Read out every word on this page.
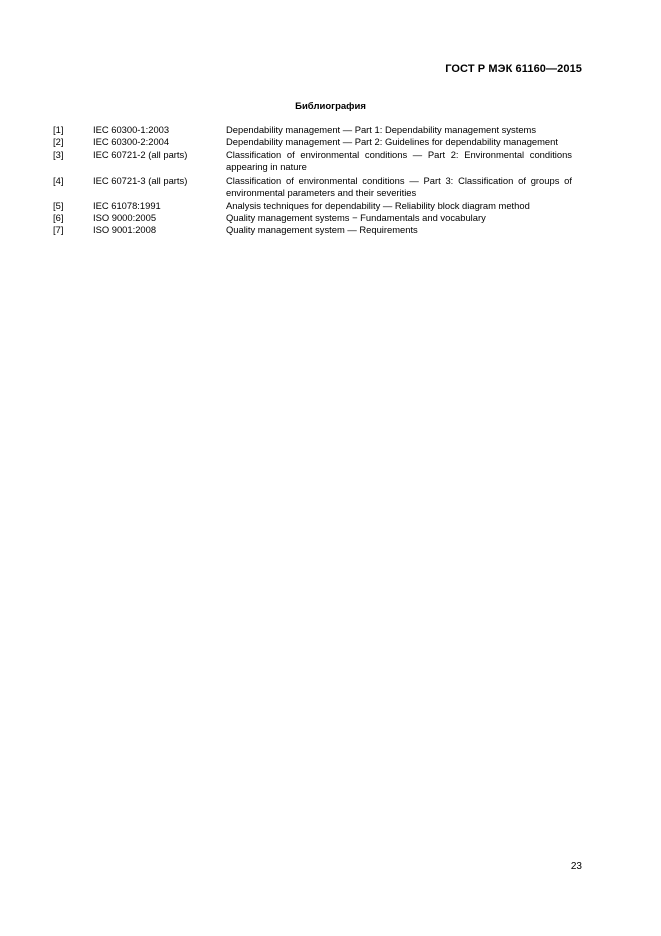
ГОСТ Р МЭК 61160—2015
Библиография
[1]	IEC 60300-1:2003	Dependability management — Part 1: Dependability management systems
[2]	IEC 60300-2:2004	Dependability management — Part 2: Guidelines for dependability management
[3]	IEC 60721-2 (all parts)	Classification of environmental conditions — Part 2: Environmental conditions appearing in nature
[4]	IEC 60721-3 (all parts)	Classification of environmental conditions — Part 3: Classification of groups of environmental parameters and their severities
[5]	IEC 61078:1991	Analysis techniques for dependability — Reliability block diagram method
[6]	ISO 9000:2005	Quality management systems − Fundamentals and vocabulary
[7]	ISO 9001:2008	Quality management system — Requirements
23
